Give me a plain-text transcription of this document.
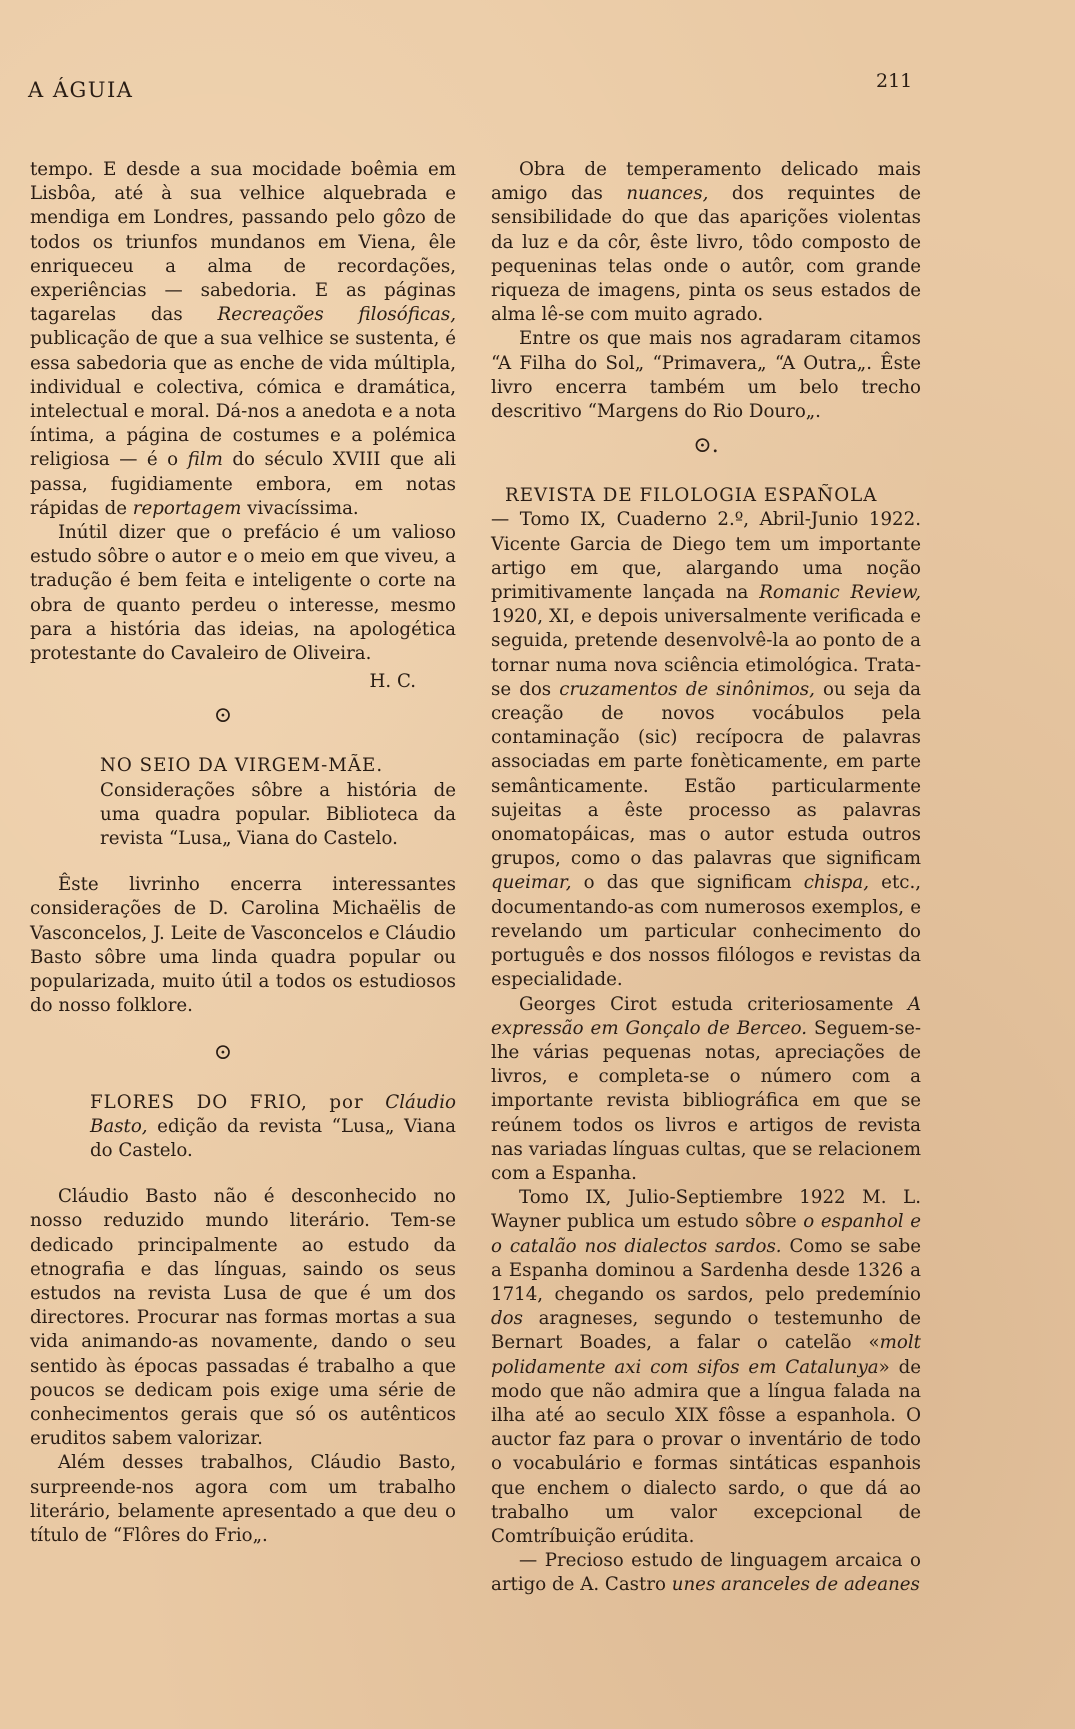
A ÁGUIA	211

tempo. E desde a sua mocidade boêmia em Lisbôa, até à sua velhice alquebrada e mendiga em Londres, passando pelo gôzo de todos os triunfos mundanos em Viena, êle enriqueceu a alma de recordações, experiências — sabedoria. E as páginas tagarelas das Recreações filosóficas, publicação de que a sua velhice se sustenta, é essa sabedoria que as enche de vida múltipla, individual e colectiva, cómica e dramática, intelectual e moral. Dá-nos a anedota e a nota íntima, a página de costumes e a polémica religiosa — é o film do século XVIII que ali passa, fugidiamente embora, em notas rápidas de reportagem vivacíssima.

Inútil dizer que o prefácio é um valioso estudo sôbre o autor e o meio em que viveu, a tradução é bem feita e inteligente o corte na obra de quanto perdeu o interesse, mesmo para a história das ideias, na apologética protestante do Cavaleiro de Oliveira.

H. C.

⊙

NO SEIO DA VIRGEM-MÃE.

Considerações sôbre a história de uma quadra popular. Biblioteca da revista “Lusa„ Viana do Castelo.

Êste livrinho encerra interessantes considerações de D. Carolina Michaëlis de Vasconcelos, J. Leite de Vasconcelos e Cláudio Basto sôbre uma linda quadra popular ou popularizada, muito útil a todos os estudiosos do nosso folklore.

⊙

FLORES DO FRIO, por Cláudio Basto, edição da revista “Lusa„ Viana do Castelo.

Cláudio Basto não é desconhecido no nosso reduzido mundo literário. Tem-se dedicado principalmente ao estudo da etnografia e das línguas, saindo os seus estudos na revista Lusa de que é um dos directores. Procurar nas formas mortas a sua vida animando-as novamente, dando o seu sentido às épocas passadas é trabalho a que poucos se dedicam pois exige uma série de conhecimentos gerais que só os autênticos eruditos sabem valorizar.

Além desses trabalhos, Cláudio Basto, surpreende-nos agora com um trabalho literário, belamente apresentado a que deu o título de “Flôres do Frio„.

Obra de temperamento delicado mais amigo das nuances, dos requintes de sensibilidade do que das aparições violentas da luz e da côr, êste livro, tôdo composto de pequeninas telas onde o autôr, com grande riqueza de imagens, pinta os seus estados de alma lê-se com muito agrado.

Entre os que mais nos agradaram citamos “A Filha do Sol„ “Primavera„ “A Outra„. Êste livro encerra também um belo trecho descritivo “Margens do Rio Douro„.

⊙.

REVISTA DE FILOLOGIA ESPAÑOLA

— Tomo IX, Cuaderno 2.º, Abril-Junio 1922. Vicente Garcia de Diego tem um importante artigo em que, alargando uma noção primitivamente lançada na Romanic Review, 1920, XI, e depois universalmente verificada e seguida, pretende desenvolvê-la ao ponto de a tornar numa nova sciência etimológica. Trata-se dos cruzamentos de sinônimos, ou seja da creação de novos vocábulos pela contaminação (sic) recípocra de palavras associadas em parte fonèticamente, em parte semânticamente. Estão particularmente sujeitas a êste processo as palavras onomatopáicas, mas o autor estuda outros grupos, como o das palavras que significam queimar, o das que significam chispa, etc., documentando-as com numerosos exemplos, e revelando um particular conhecimento do português e dos nossos filólogos e revistas da especialidade.

Georges Cirot estuda criteriosamente A expressão em Gonçalo de Berceo. Seguem-se-lhe várias pequenas notas, apreciações de livros, e completa-se o número com a importante revista bibliográfica em que se reúnem todos os livros e artigos de revista nas variadas línguas cultas, que se relacionem com a Espanha.

Tomo IX, Julio-Septiembre 1922 M. L. Wayner publica um estudo sôbre o espanhol e o catalão nos dialectos sardos. Como se sabe a Espanha dominou a Sardenha desde 1326 a 1714, chegando os sardos, pelo predemínio dos aragneses, segundo o testemunho de Bernart Boades, a falar o catelão «molt polidamente axi com sifos em Catalunya» de modo que não admira que a língua falada na ilha até ao seculo XIX fôsse a espanhola. O auctor faz para o provar o inventário de todo o vocabulário e formas sintáticas espanhois que enchem o dialecto sardo, o que dá ao trabalho um valor excepcional de Comtríbuição erúdita.

— Precioso estudo de linguagem arcaica o artigo de A. Castro unes aranceles de adeanes
